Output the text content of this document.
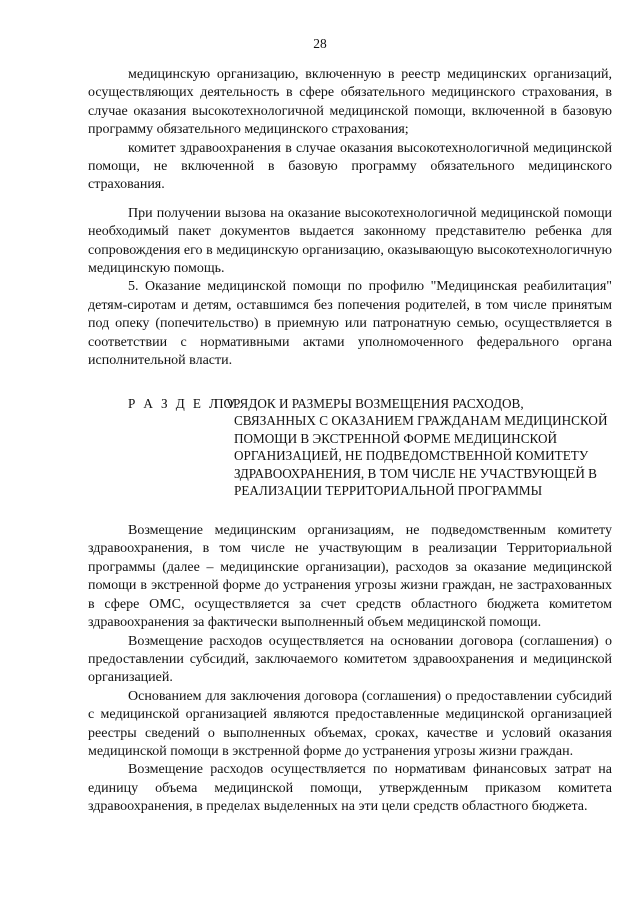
28

медицинскую организацию, включенную в реестр медицинских организаций, осуществляющих деятельность в сфере обязательного медицинского страхования, в случае оказания высокотехнологичной медицинской помощи, включенной в базовую программу обязательного медицинского страхования;

комитет здравоохранения в случае оказания высокотехнологичной медицинской помощи, не включенной в базовую программу обязательного медицинского страхования.

При получении вызова на оказание высокотехнологичной медицинской помощи необходимый пакет документов выдается законному представителю ребенка для сопровождения его в медицинскую организацию, оказывающую высокотехнологичную медицинскую помощь.

5. Оказание медицинской помощи по профилю "Медицинская реабилитация" детям-сиротам и детям, оставшимся без попечения родителей, в том числе принятым под опеку (попечительство) в приемную или патронатную семью, осуществляется в соответствии с нормативными актами уполномоченного федерального органа исполнительной власти.

Р А З Д Е Л V.
ПОРЯДОК И РАЗМЕРЫ ВОЗМЕЩЕНИЯ РАСХОДОВ,
СВЯЗАННЫХ С ОКАЗАНИЕМ ГРАЖДАНАМ МЕДИЦИНСКОЙ ПОМОЩИ В ЭКСТРЕННОЙ ФОРМЕ МЕДИЦИНСКОЙ ОРГАНИЗАЦИЕЙ, НЕ ПОДВЕДОМСТВЕННОЙ КОМИТЕТУ ЗДРАВООХРАНЕНИЯ, В ТОМ ЧИСЛЕ НЕ УЧАСТВУЮЩЕЙ В РЕАЛИЗАЦИИ ТЕРРИТОРИАЛЬНОЙ ПРОГРАММЫ

Возмещение медицинским организациям, не подведомственным комитету здравоохранения, в том числе не участвующим в реализации Территориальной программы (далее – медицинские организации), расходов за оказание медицинской помощи в экстренной форме до устранения угрозы жизни граждан, не застрахованных в сфере ОМС, осуществляется за счет средств областного бюджета комитетом здравоохранения за фактически выполненный объем медицинской помощи.

Возмещение расходов осуществляется на основании договора (соглашения) о предоставлении субсидий, заключаемого комитетом здравоохранения и медицинской организацией.

Основанием для заключения договора (соглашения) о предоставлении субсидий с медицинской организацией являются предоставленные медицинской организацией реестры сведений о выполненных объемах, сроках, качестве и условий оказания медицинской помощи в экстренной форме до устранения угрозы жизни граждан.

Возмещение расходов осуществляется по нормативам финансовых затрат на единицу объема медицинской помощи, утвержденным приказом комитета здравоохранения, в пределах выделенных на эти цели средств областного бюджета.
